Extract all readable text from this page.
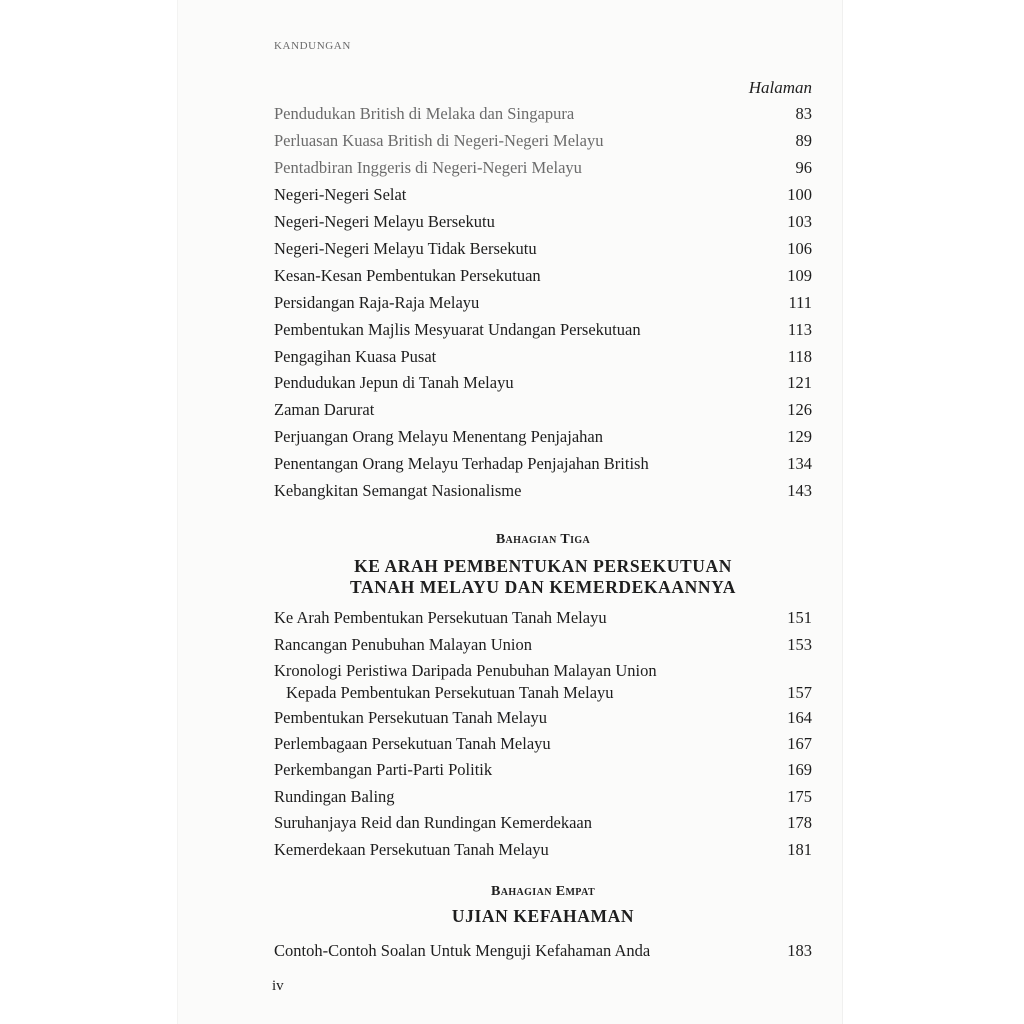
KANDUNGAN
Halaman
Pendudukan British di Melaka dan Singapura	83
Perluasan Kuasa British di Negeri-Negeri Melayu	89
Pentadbiran Inggeris di Negeri-Negeri Melayu	96
Negeri-Negeri Selat	100
Negeri-Negeri Melayu Bersekutu	103
Negeri-Negeri Melayu Tidak Bersekutu	106
Kesan-Kesan Pembentukan Persekutuan	109
Persidangan Raja-Raja Melayu	111
Pembentukan Majlis Mesyuarat Undangan Persekutuan	113
Pengagihan Kuasa Pusat	118
Pendudukan Jepun di Tanah Melayu	121
Zaman Darurat	126
Perjuangan Orang Melayu Menentang Penjajahan	129
Penentangan Orang Melayu Terhadap Penjajahan British	134
Kebangkitan Semangat Nasionalisme	143
Bahagian Tiga
KE ARAH PEMBENTUKAN PERSEKUTUAN
TANAH MELAYU DAN KEMERDEKAANNYA
Ke Arah Pembentukan Persekutuan Tanah Melayu	151
Rancangan Penubuhan Malayan Union	153
Kronologi Peristiwa Daripada Penubuhan Malayan Union
Kepada Pembentukan Persekutuan Tanah Melayu	157
Pembentukan Persekutuan Tanah Melayu	164
Perlembagaan Persekutuan Tanah Melayu	167
Perkembangan Parti-Parti Politik	169
Rundingan Baling	175
Suruhanjaya Reid dan Rundingan Kemerdekaan	178
Kemerdekaan Persekutuan Tanah Melayu	181
Bahagian Empat
UJIAN KEFAHAMAN
Contoh-Contoh Soalan Untuk Menguji Kefahaman Anda	183
iv
